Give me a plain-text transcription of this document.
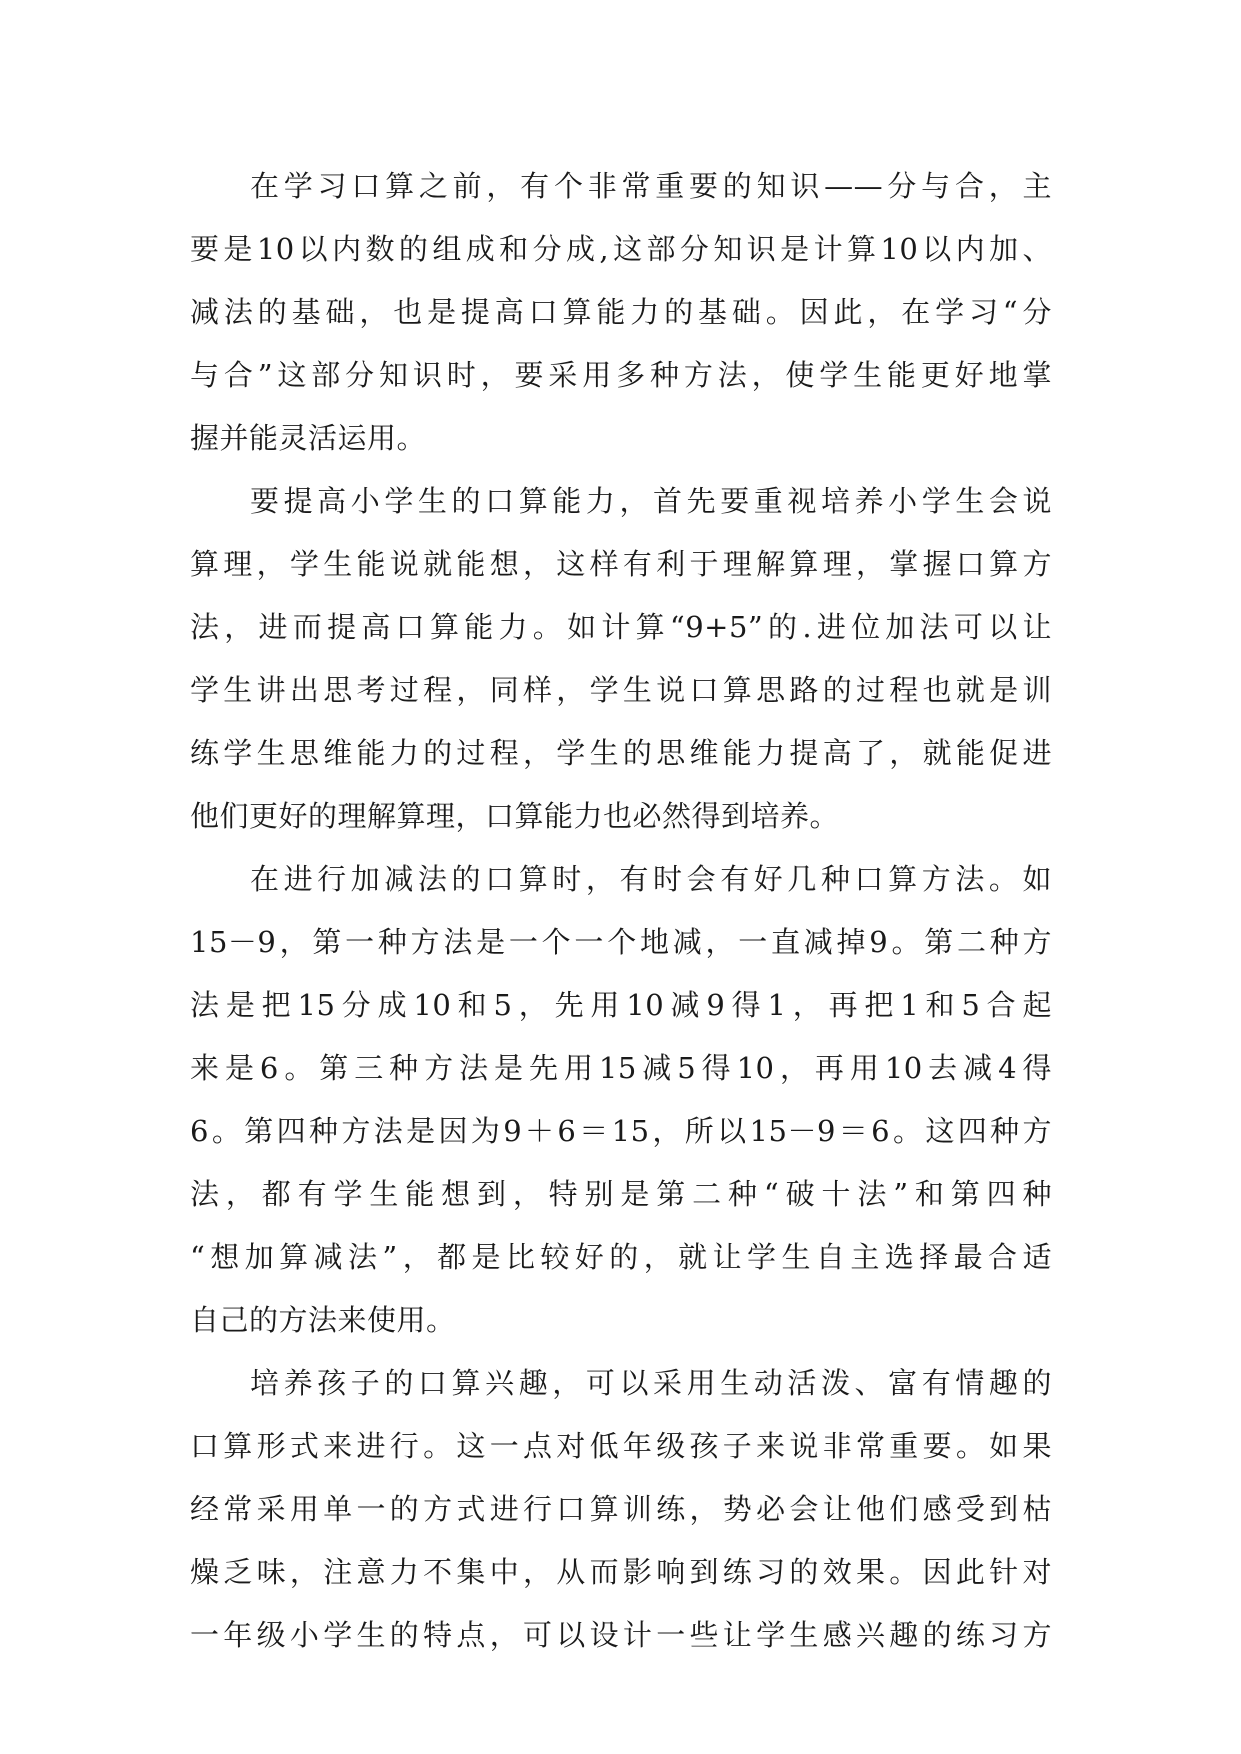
在学习口算之前，有个非常重要的知识——分与合，主
要是10以内数的组成和分成,这部分知识是计算10以内加、
减法的基础，也是提高口算能力的基础。因此，在学习“分
与合”这部分知识时，要采用多种方法，使学生能更好地掌
握并能灵活运用。
要提高小学生的口算能力，首先要重视培养小学生会说
算理，学生能说就能想，这样有利于理解算理，掌握口算方
法，进而提高口算能力。如计算“9+5”的.进位加法可以让
学生讲出思考过程，同样，学生说口算思路的过程也就是训
练学生思维能力的过程，学生的思维能力提高了，就能促进
他们更好的理解算理，口算能力也必然得到培养。
在进行加减法的口算时，有时会有好几种口算方法。如
15－9，第一种方法是一个一个地减，一直减掉9。第二种方
法是把15分成10和5，先用10减9得1，再把1和5合起
来是6。第三种方法是先用15减5得10，再用10去减4得
6。第四种方法是因为9＋6＝15，所以15－9＝6。这四种方
法，都有学生能想到，特别是第二种“破十法”和第四种
“想加算减法”，都是比较好的，就让学生自主选择最合适
自己的方法来使用。
培养孩子的口算兴趣，可以采用生动活泼、富有情趣的
口算形式来进行。这一点对低年级孩子来说非常重要。如果
经常采用单一的方式进行口算训练，势必会让他们感受到枯
燥乏味，注意力不集中，从而影响到练习的效果。因此针对
一年级小学生的特点，可以设计一些让学生感兴趣的练习方
